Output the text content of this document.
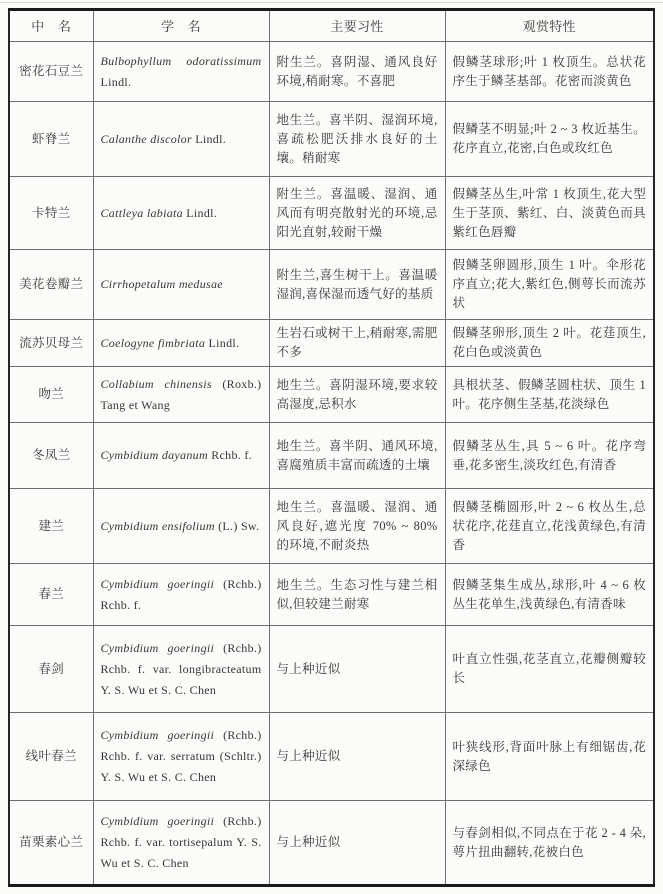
中　名	学　名	主要习性	观赏特性
密花石豆兰	Bulbophyllum odoratissimum Lindl.	附生兰。喜阴湿、通风良好环境,稍耐寒。不喜肥	假鳞茎球形;叶 1 枚顶生。总状花序生于鳞茎基部。花密而淡黄色
虾脊兰	Calanthe discolor Lindl.	地生兰。喜半阴、湿润环境,喜疏松肥沃排水良好的土壤。稍耐寒	假鳞茎不明显;叶 2 ~ 3 枚近基生。花序直立,花密,白色或玫红色
卡特兰	Cattleya labiata Lindl.	附生兰。喜温暖、湿润、通风而有明亮散射光的环境,忌阳光直射,较耐干燥	假鳞茎丛生,叶常 1 枚顶生,花大型生于茎顶、紫红、白、淡黄色而具紫红色唇瓣
美花卷瓣兰	Cirrhopetalum medusae	附生兰,喜生树干上。喜温暖湿润,喜保湿而透气好的基质	假鳞茎卵圆形,顶生 1 叶。伞形花序直立;花大,紫红色,侧萼长而流苏状
流苏贝母兰	Coelogyne fimbriata Lindl.	生岩石或树干上,稍耐寒,需肥不多	假鳞茎卵形,顶生 2 叶。花莛顶生,花白色或淡黄色
吻兰	Collabium chinensis (Roxb.) Tang et Wang	地生兰。喜阴湿环境,要求较高湿度,忌积水	具根状茎、假鳞茎圆柱状、顶生 1 叶。花序侧生茎基,花淡绿色
冬凤兰	Cymbidium dayanum Rchb. f.	地生兰。喜半阴、通风环境,喜腐殖质丰富而疏透的土壤	假鳞茎丛生,具 5 ~ 6 叶。花序弯垂,花多密生,淡玫红色,有清香
建兰	Cymbidium ensifolium (L.) Sw.	地生兰。喜温暖、湿润、通风良好,遮光度 70% ~ 80% 的环境,不耐炎热	假鳞茎椭圆形,叶 2 ~ 6 枚丛生,总状花序,花莛直立,花浅黄绿色,有清香
春兰	Cymbidium goeringii (Rchb.) Rchb. f.	地生兰。生态习性与建兰相似,但较建兰耐寒	假鳞茎集生成丛,球形,叶 4 ~ 6 枚丛生花单生,浅黄绿色,有清香味
春剑	Cymbidium goeringii (Rchb.) Rchb. f. var. longibracteatum Y. S. Wu et S. C. Chen	与上种近似	叶直立性强,花茎直立,花瓣侧瓣较长
线叶春兰	Cymbidium goeringii (Rchb.) Rchb. f. var. serratum (Schltr.) Y. S. Wu et S. C. Chen	与上种近似	叶狭线形,背面叶脉上有细锯齿,花深绿色
苗栗素心兰	Cymbidium goeringii (Rchb.) Rchb. f. var. tortisepalum Y. S. Wu et S. C. Chen	与上种近似	与春剑相似,不同点在于花 2 - 4 朵,萼片扭曲翻转,花被白色
